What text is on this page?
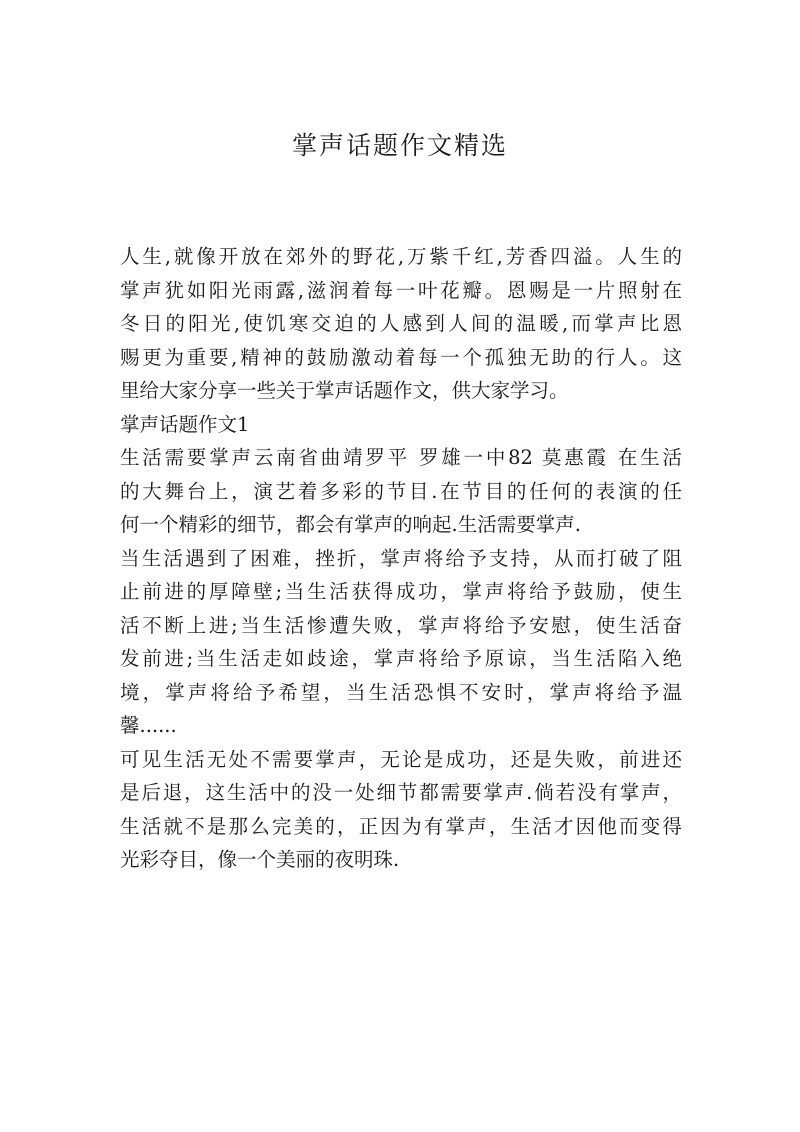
掌声话题作文精选
人生,就像开放在郊外的野花,万紫千红,芳香四溢。人生的
掌声犹如阳光雨露,滋润着每一叶花瓣。恩赐是一片照射在
冬日的阳光,使饥寒交迫的人感到人间的温暖,而掌声比恩
赐更为重要,精神的鼓励激动着每一个孤独无助的行人。这
里给大家分享一些关于掌声话题作文，供大家学习。
掌声话题作文1
生活需要掌声云南省曲靖罗平 罗雄一中82 莫惠霞 在生活
的大舞台上，演艺着多彩的节目.在节目的任何的表演的任
何一个精彩的细节，都会有掌声的响起.生活需要掌声.
当生活遇到了困难，挫折，掌声将给予支持，从而打破了阻
止前进的厚障壁;当生活获得成功，掌声将给予鼓励，使生
活不断上进;当生活惨遭失败，掌声将给予安慰，使生活奋
发前进;当生活走如歧途，掌声将给予原谅，当生活陷入绝
境，掌声将给予希望，当生活恐惧不安时，掌声将给予温
馨......
可见生活无处不需要掌声，无论是成功，还是失败，前进还
是后退，这生活中的没一处细节都需要掌声.倘若没有掌声，
生活就不是那么完美的，正因为有掌声，生活才因他而变得
光彩夺目，像一个美丽的夜明珠.
